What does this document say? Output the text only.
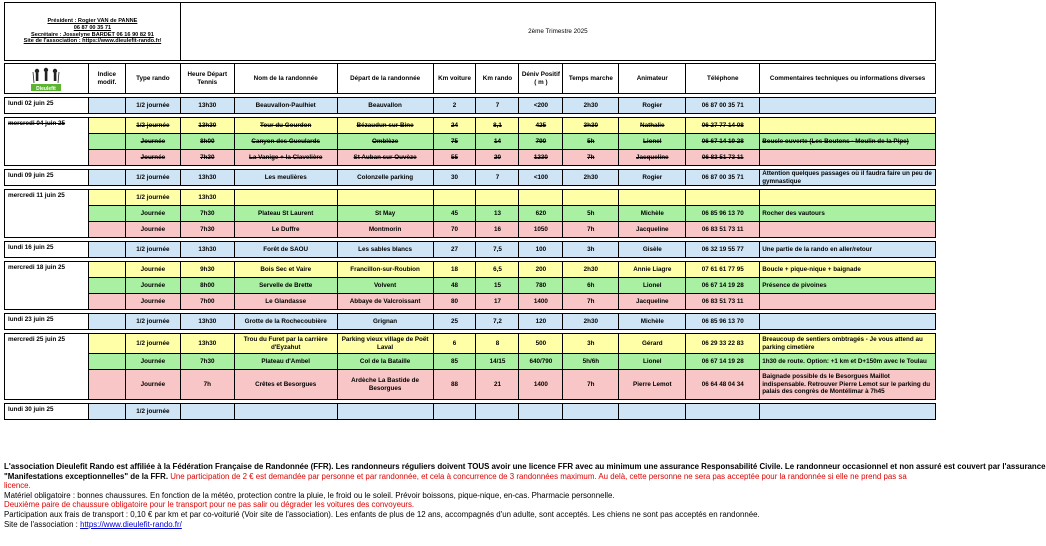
Président : Rogier VAN de PANNE
06 87 00 35 71
Secrétaire : Josselyne BARDET 06 16 90 82 91
Site de l'association : https://www.dieulefit-rando.fr/
	2ème Trimestre 2025
Dieulefit	Indice modif.	Type rando	Heure Départ Tennis	Nom de la randonnée	Départ de la randonnée	Km voiture	Km rando	Déniv Positif ( m )	Temps marche	Animateur	Téléphone	Commentaires techniques ou informations diverses

lundi 02 juin 25		1/2 journée	13h30	Beauvallon-Paulhiet	Beauvallon	2	7	<200	2h30	Rogier	06 87 00 35 71	

mercredi 04 juin 25		1/2 journée	13h30	Tour du Gourdon	Bézaudun sur Bine	24	8,1	425	3h30	Nathalie	06 27 77 14 08	
		Journée	8h00	Canyon des Gueulards	Omblèze	75	14	790	5h	Lionel	06 67 14 19 28	Boucle ouverte (Les Boutons - Moulin de la Pipe)
		Journée	7h30	La Vanige + la Clavelière	St Auban sur Ouvèze	55	20	1230	7h	Jacqueline	06 83 51 73 11	

lundi 09 juin 25		1/2 journée	13h30	Les meulières	Colonzelle parking	30	7	<100	2h30	Rogier	06 87 00 35 71	Attention quelques passages où il faudra faire un peu de gymnastique

mercredi 11 juin 25		1/2 journée	13h30									
		Journée	7h30	Plateau St Laurent	St May	45	13	620	5h	Michèle	06 85 96 13 70	Rocher des vautours
		Journée	7h30	Le Duffre	Montmorin	70	16	1050	7h	Jacqueline	06 83 51 73 11	

lundi 16 juin 25		1/2 journée	13h30	Forêt de SAOU	Les sables blancs	27	7,5	100	3h	Gisèle	06 32 19 55 77	Une partie de la rando en aller/retour

mercredi 18 juin 25		Journée	9h30	Bois Sec et Vaire	Francillon-sur-Roubion	18	6,5	200	2h30	Annie Liagre	07 61 61 77 95	Boucle + pique-nique + baignade
		Journée	8h00	Servelle de Brette	Volvent	48	15	780	6h	Lionel	06 67 14 19 28	Présence de pivoines
		Journée	7h00	Le Glandasse	Abbaye de Valcroissant	80	17	1400	7h	Jacqueline	06 83 51 73 11	

lundi 23 juin 25		1/2 journée	13h30	Grotte de la Rochecoubière	Grignan	25	7,2	120	2h30	Michèle	06 85 96 13 70	

mercredi 25 juin 25		1/2 journée	13h30	Trou du Furet par la carrière d'Eyzahut	Parking vieux village de Poët Laval	6	8	500	3h	Gérard	06 29 33 22 83	Breaucoup de sentiers ombtragés - Je vous attend au parking cimetière
		Journée	7h30	Plateau d'Ambel	Col de la Bataille	85	14/15	640/790	5h/6h	Lionel	06 67 14 19 28	1h30 de route. Option: +1 km et D+150m avec le Toulau
		Journée	7h	Crêtes et Besorgues	Ardèche La Bastide de Besorgues	88	21	1400	7h	Pierre Lemot	06 64 48 04 34	Baignade possible ds le Besorgues Maillot indispensable. Retrouver Pierre Lemot sur le parking du palais des congrès de Montélimar à 7h45

lundi 30 juin 25		1/2 journée										
L'association Dieulefit Rando est affiliée à la Fédération Française de Randonnée (FFR). Les randonneurs réguliers doivent TOUS avoir une licence FFR avec au minimum une assurance Responsabilité Civile. Le randonneur occasionnel et non assuré est couvert par l'assurance
"Manifestations exceptionnelles" de la FFR. Une participation de 2 € est demandée par personne et par randonnée, et cela à concurrence de 3 randonnées maximum. Au delà, cette personne ne sera pas acceptée pour la randonnée si elle ne prend pas sa
licence.
Matériel obligatoire : bonnes chaussures. En fonction de la météo, protection contre la pluie, le froid ou le soleil. Prévoir boissons, pique-nique, en-cas. Pharmacie personnelle.
Deuxième paire de chaussure obligatoire pour le transport pour ne pas salir ou dégrader les voitures des convoyeurs.
Participation aux frais de transport : 0,10 € par km et par co-voiturié (Voir site de l'association). Les enfants de plus de 12 ans, accompagnés d'un adulte, sont acceptés. Les chiens ne sont pas acceptés en randonnée.
Site de l'association : https://www.dieulefit-rando.fr/
